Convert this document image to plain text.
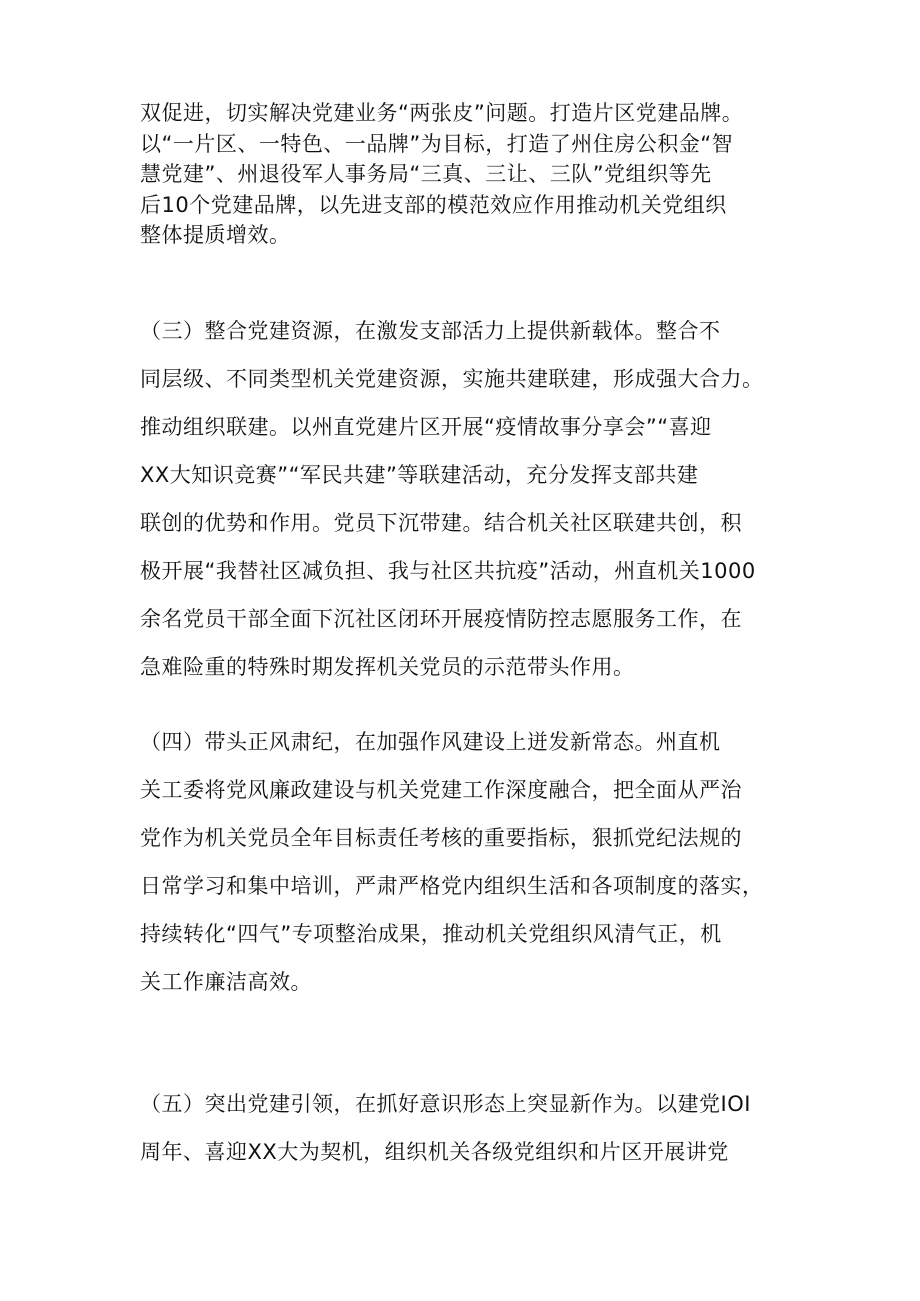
双促进，切实解决党建业务“两张皮”问题。打造片区党建品牌。
以“一片区、一特色、一品牌”为目标，打造了州住房公积金“智
慧党建”、州退役军人事务局“三真、三让、三队”党组织等先
后10个党建品牌，以先进支部的模范效应作用推动机关党组织
整体提质增效。
（三）整合党建资源，在激发支部活力上提供新载体。整合不
同层级、不同类型机关党建资源，实施共建联建，形成强大合力。
推动组织联建。以州直党建片区开展“疫情故事分享会”“喜迎
XX大知识竞赛”“军民共建”等联建活动，充分发挥支部共建
联创的优势和作用。党员下沉带建。结合机关社区联建共创，积
极开展“我替社区减负担、我与社区共抗疫”活动，州直机关1000
余名党员干部全面下沉社区闭环开展疫情防控志愿服务工作，在
急难险重的特殊时期发挥机关党员的示范带头作用。
（四）带头正风肃纪，在加强作风建设上迸发新常态。州直机
关工委将党风廉政建设与机关党建工作深度融合，把全面从严治
党作为机关党员全年目标责任考核的重要指标，狠抓党纪法规的
日常学习和集中培训，严肃严格党内组织生活和各项制度的落实，
持续转化“四气”专项整治成果，推动机关党组织风清气正，机
关工作廉洁高效。
（五）突出党建引领，在抓好意识形态上突显新作为。以建党IOI
周年、喜迎XX大为契机，组织机关各级党组织和片区开展讲党
